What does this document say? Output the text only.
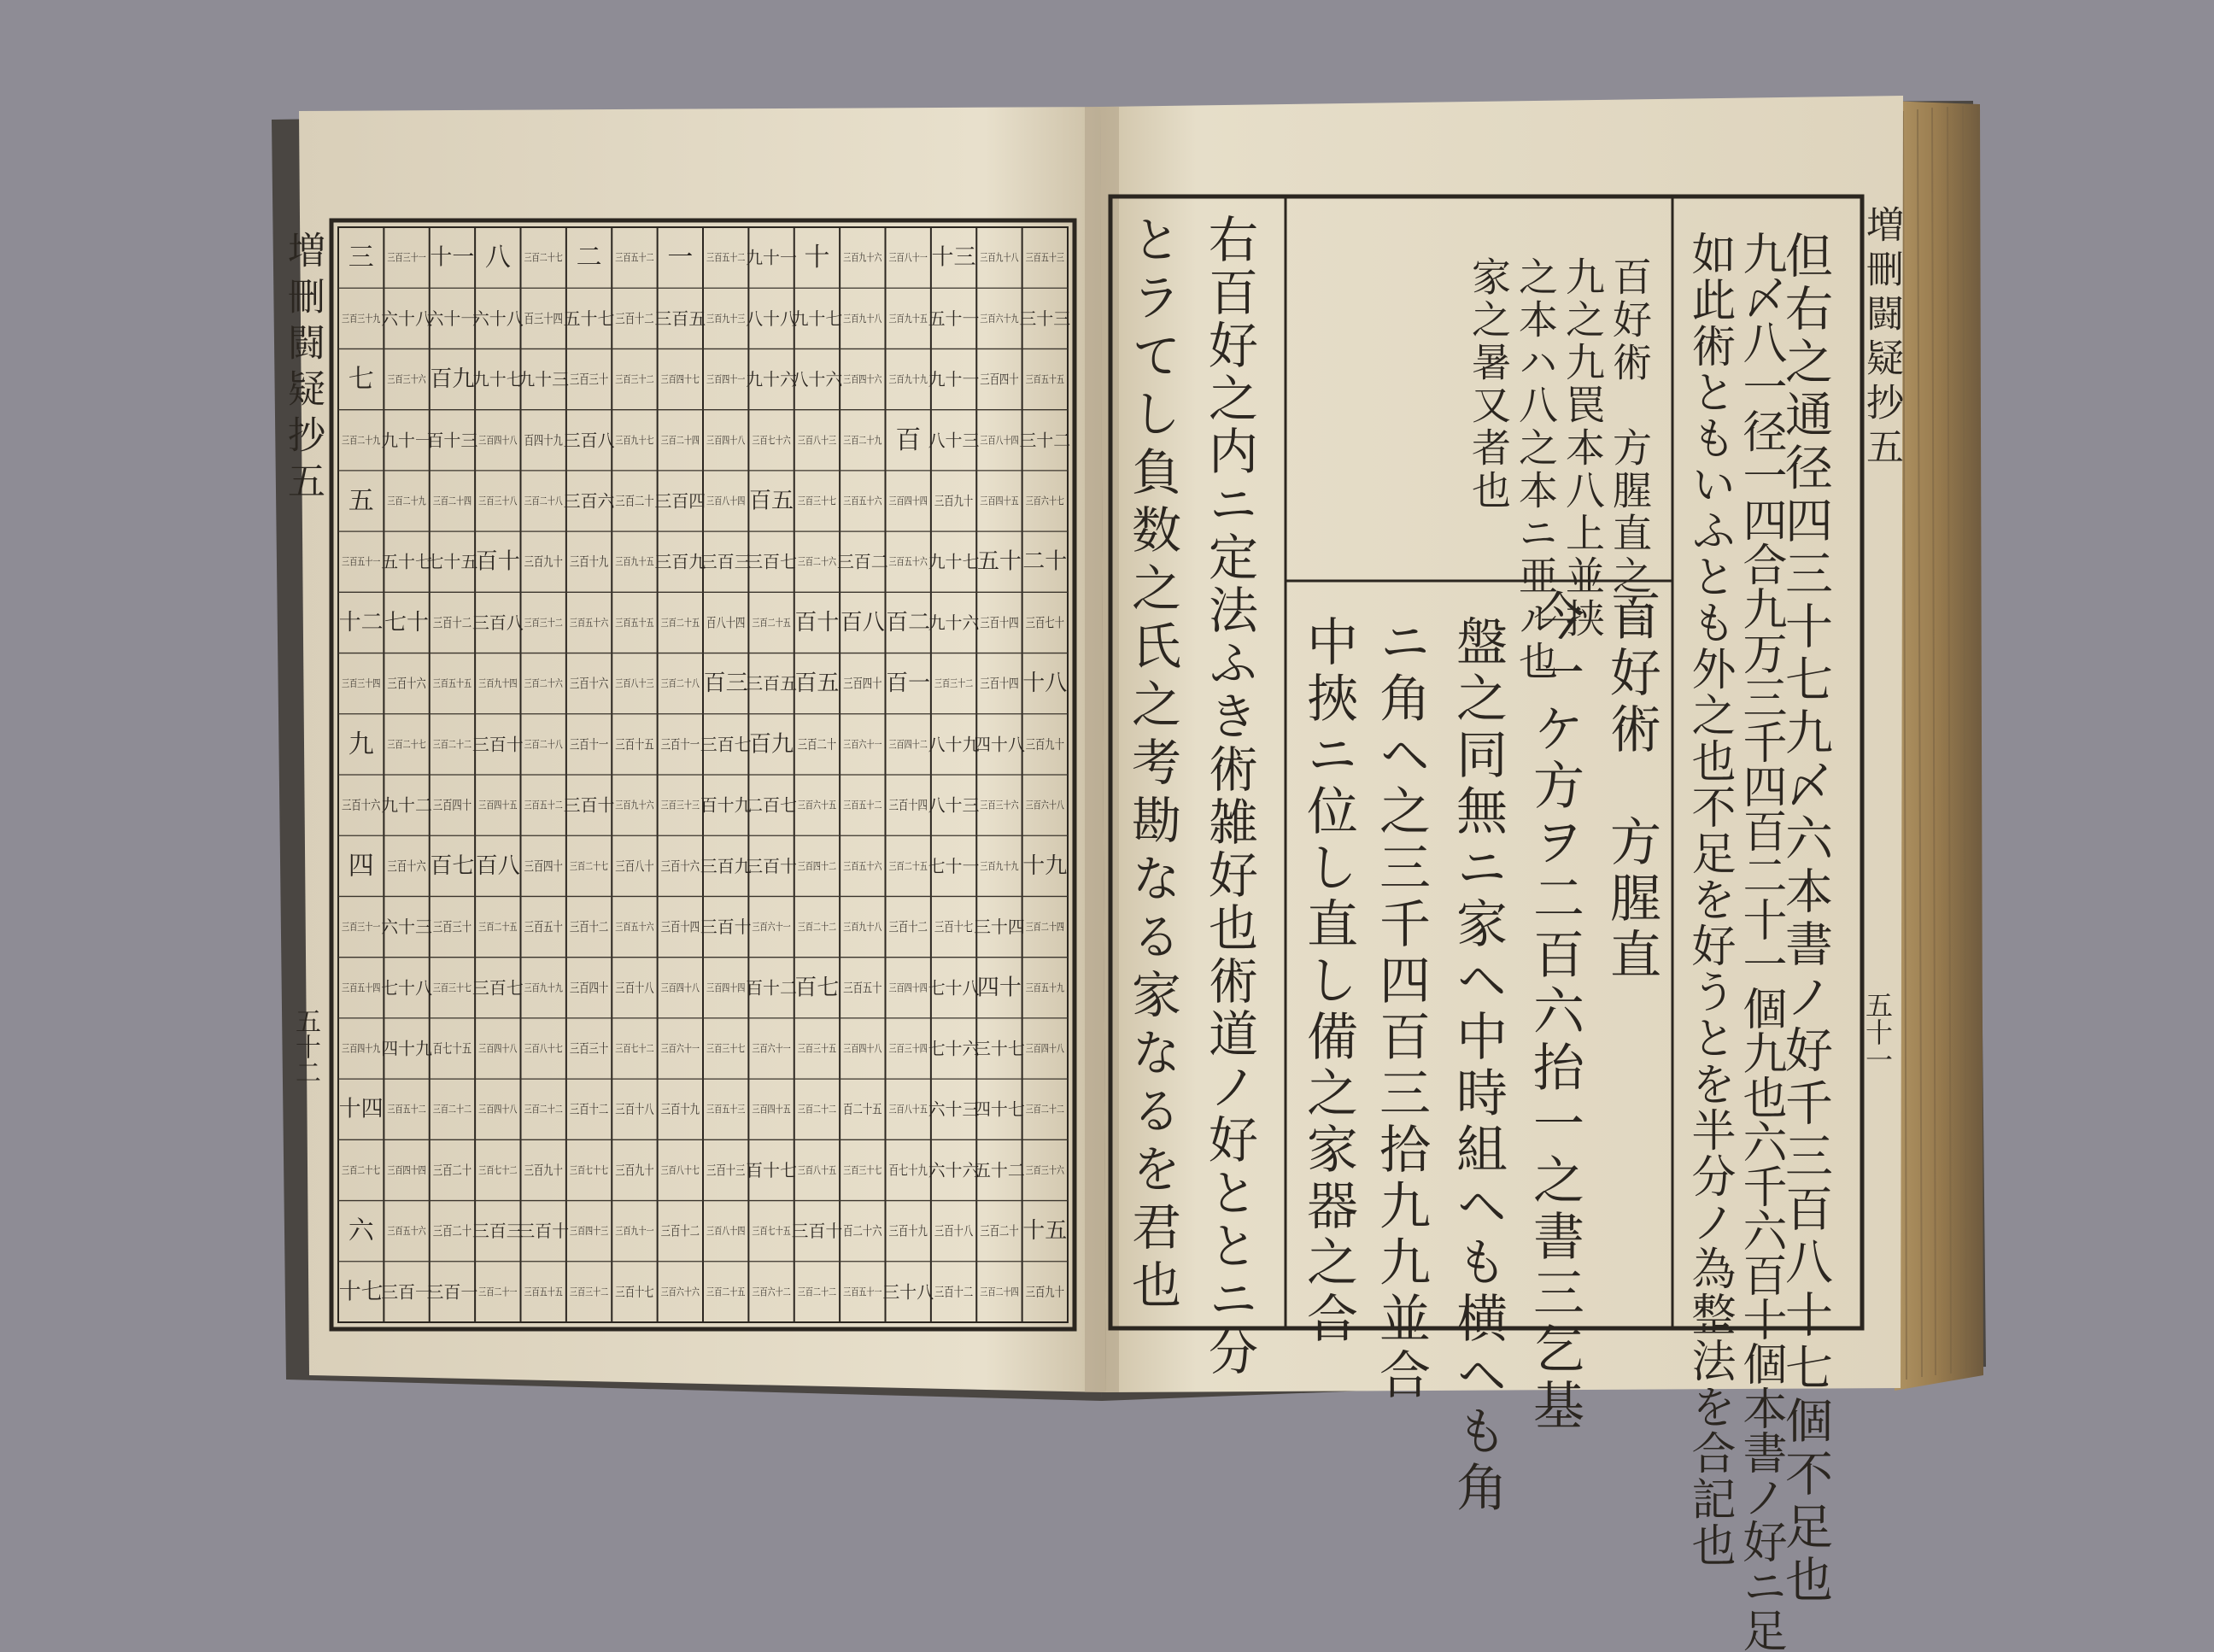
三百五十三
三十三
三百五十五
三十二
三百六十七
二十
三百七十
十八
三百九十
三百六十八
十九
三百二十四
三百五十九
三百四十八
三百二十二
三百三十六
十五
三百九十
三百九十八
三百六十九
三百四十
三百八十四
三百四十五
五十
三百十四
三百十四
四十八
三百三十六
三百九十九
三十四
四十
三十七
四十七
五十二
三百二十
三百二十四
十三
五十一
九十一
八十三
三百九十
九十七
九十六
三百三十二
八十九
八十三
七十一
三百十七
七十八
七十六
六十三
六十六
三百十八
三百十二
三百八十一
三百九十五
三百九十九
百
三百四十四
三百五十六
百二
百一
三百四十二
三百十四
三百二十五
三百十二
三百四十四
三百三十四
三百八十五
百七十九
三百十九
三十八
三百九十六
三百九十八
三百四十六
三百二十九
三百五十六
三百二
百八
三百四十
三百六十一
三百五十二
三百五十六
三百九十八
三百五十
三百四十八
百二十五
三百三十七
百二十六
三百五十一
十
九十七
八十六
三百八十三
三百三十七
三百二十六
百十
百五
三百二十
三百六十五
三百四十二
三百二十二
百七
三百三十五
三百二十二
三百八十五
三百十
三百二十二
九十一
八十八
九十六
三百七十六
百五
三百七
三百二十五
三百五
百九
二百七
三百十
三百六十一
百十二
三百六十一
三百四十五
百十七
三百七十五
三百六十二
三百五十二
三百九十三
三百四十一
三百四十八
三百八十四
三百三
百八十四
百三
三百七
百十九
三百九
三百十
三百四十四
三百三十七
三百五十三
三百十三
三百八十四
三百二十五
一
三百五
三百四十七
三百二十四
三百四
三百九
三百二十五
三百二十八
三百十一
三百三十三
三百十六
三百十四
三百四十八
三百六十一
三百十九
三百八十七
三百十二
三百六十六
三百五十二
三百十二
三百三十二
三百九十七
三百二十
三百九十五
三百五十五
三百八十三
三百十五
三百九十六
三百八十
三百五十六
三百十八
三百七十二
三百十八
三百九十
三百九十一
三百十七
二
五十七
三百三十
三百八
三百六
三百十九
三百五十六
三百十六
三百十一
三百十
三百二十七
三百十二
三百四十
三百三十
三百十二
三百七十七
三百四十三
三百三十二
三百二十七
百三十四
九十三
百四十九
三百二十八
三百九十
三百三十二
三百二十六
三百二十八
三百五十二
三百四十
三百五十
三百九十九
三百八十七
三百二十二
三百九十
三百十
三百五十五
八
六十八
九十七
三百四十八
三百三十八
百十
三百八
三百九十四
三百十
三百四十五
百八
三百二十五
三百七
三百四十八
三百四十八
三百七十二
三百三
三百二十一
十一
六十一
百九
百十三
三百二十四
七十五
三百十二
三百五十五
三百二十二
三百四十
百七
三百三十
三百三十七
百七十五
三百二十二
三百二十
三百二十
三百一
三百三十一
六十八
三百三十六
九十一
三百二十九
五十七
七十
三百十六
三百二十七
九十二
三百十六
六十三
七十八
四十九
三百五十二
三百四十四
三百五十六
三百一
三
三百三十九
七
三百二十九
五
三百五十一
十二
三百三十四
九
三百十六
四
三百三十一
三百五十四
三百四十九
十四
三百二十七
六
十七
増刪闘疑抄五
五十二
増刪闘疑抄五
五十一
但右之通径四三十七九〆六本書ノ好千三百八十七個不足也
九〆八一径一四合九万三千四百二十一個九也六千六百十個本書ノ好ニ足
如此術ともいふとも外之也不足を好うとを半分ノ為整法を合記也
百好術　方腥直之言
九之九罠本八上並挟
之本ハ八之本ニ亜ル也
家之暑又者也
百好術　方腥直
今一ケ方ヲ二百六抬一之書三乞基
盤之同無ニ家ヘ中時組ヘも横ヘも角
ニ角ヘ之三千四百三拾九九並合
中挾ニ位し直し備之家器之合
右百好之内ニ定法ふき術雑好也術道ノ好ととニ分
とラてし負数之氏之考勘なる家なるを君也
